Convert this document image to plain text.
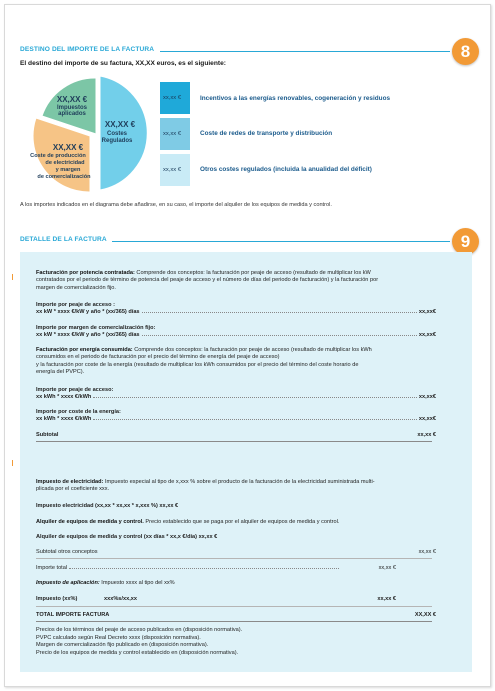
DESTINO DEL IMPORTE DE LA FACTURA	8
El destino del importe de su factura, XX,XX euros, es el siguiente:
XX,XX €
Impuestos
aplicados
XX,XX €
Costes
Regulados
XX,XX €
Coste de producción
de electricidad
y margen
de comercialización
xx,xx €	Incentivos a las energías renovables, cogeneración y residuos
xx,xx €	Coste de redes de transporte y distribución
xx,xx €	Otros costes regulados (incluida la anualidad del déficit)
A los importes indicados en el diagrama debe añadirse, en su caso, el importe del alquiler de los equipos de medida y control.
DETALLE DE LA FACTURA	9
Facturación por potencia contratada: Comprende dos conceptos: la facturación por peaje de acceso (resultado de multiplicar los kW
contratados por el periodo de término de potencia del peaje de acceso y el número de días del periodo de facturación) y la facturación por
margen de comercialización fijo.
Importe por peaje de acceso :
xx kW * xxxx €/kW y año * (xx/365) días	xx,xx€
Importe por margen de comercialización fijo:
xx kW * xxxx €/kW y año * (xx/365) días	xx,xx€
Facturación por energía consumida: Comprende dos conceptos: la facturación por peaje de acceso (resultado de multiplicar los kWh
consumidos en el periodo de facturación por el precio del término de energía del peaje de acceso)
y la facturación por coste de la energía (resultado de multiplicar los kWh consumidos por el precio del término del coste horario de
energía del PVPC).
Importe por peaje de acceso:
xx kWh * xxxx €/kWh	xx,xx€
Importe por coste de la energía:
xx kWh * xxxx €/kWh	xx,xx€
Subtotal	xx,xx €
Impuesto de electricidad: Impuesto especial al tipo de x,xxx % sobre el producto de la facturación de la electricidad suministrada multi-
plicada por el coeficiente xxx.
Impuesto electricidad (xx,xx * xx,xx * x,xxx %) xx,xx €
Alquiler de equipos de medida y control. Precio establecido que se paga por el alquiler de equipos de medida y control.
Alquiler de equipos de medida y control (xx días * xx,x €/día) xx,xx €
Subtotal otros conceptos	xx,xx €
Importe total	xx,xx €
Impuesto de aplicación: Impuesto xxxx al tipo del xx%
Impuesto (xx%)	xxx%s/xx,xx	xx,xx €
TOTAL IMPORTE FACTURA	XX,XX €
Precios de los términos del peaje de acceso publicados en (disposición normativa).
PVPC calculado según Real Decreto xxxx (disposición normativa).
Margen de comercialización fijo publicado en (disposición normativa).
Precio de los equipos de medida y control establecido en (disposición normativa).
